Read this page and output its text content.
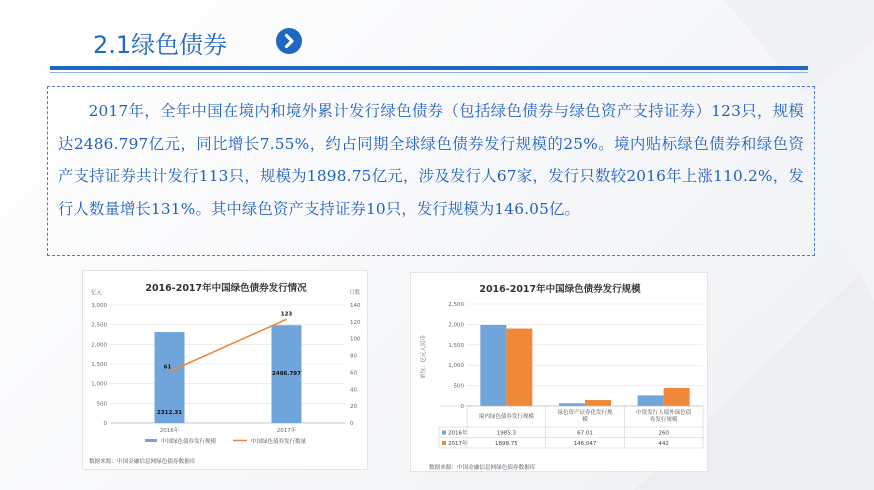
2.1绿色债券
2017年，全年中国在境内和境外累计发行绿色债券（包括绿色债券与绿色资产支持证券）123只，规模达2486.797亿元，同比增长7.55%，约占同期全球绿色债券发行规模的25%。境内贴标绿色债券和绿色资产支持证券共计发行113只，规模为1898.75亿元，涉及发行人67家，发行只数较2016年上涨110.2%，发行人数量增长131%。其中绿色资产支持证券10只，发行规模为146.05亿。
2016-2017年中国绿色债券发行情况
亿元	只数
0
500
1,000
1,500
2,000
2,500
3,000
0
20
40
60
80
100
120
140
2312.31
2486.797
61
123
2016年	2017年
中国绿色债券发行规模	中国绿色债券发行数量
数据来源：中国金融信息网绿色债券数据库
2016-2017年中国绿色债券发行规模
单位：亿元人民币
0
500
1,000
1,500
2,000
2,500
境内绿色债券发行规模
绿色资产证券化发行规
模
中资发行人境外绿色债
券发行规模
2016年	1985.3	67.01	260
2017年	1898.75	146.047	442
数据来源：中国金融信息网绿色债券数据库
